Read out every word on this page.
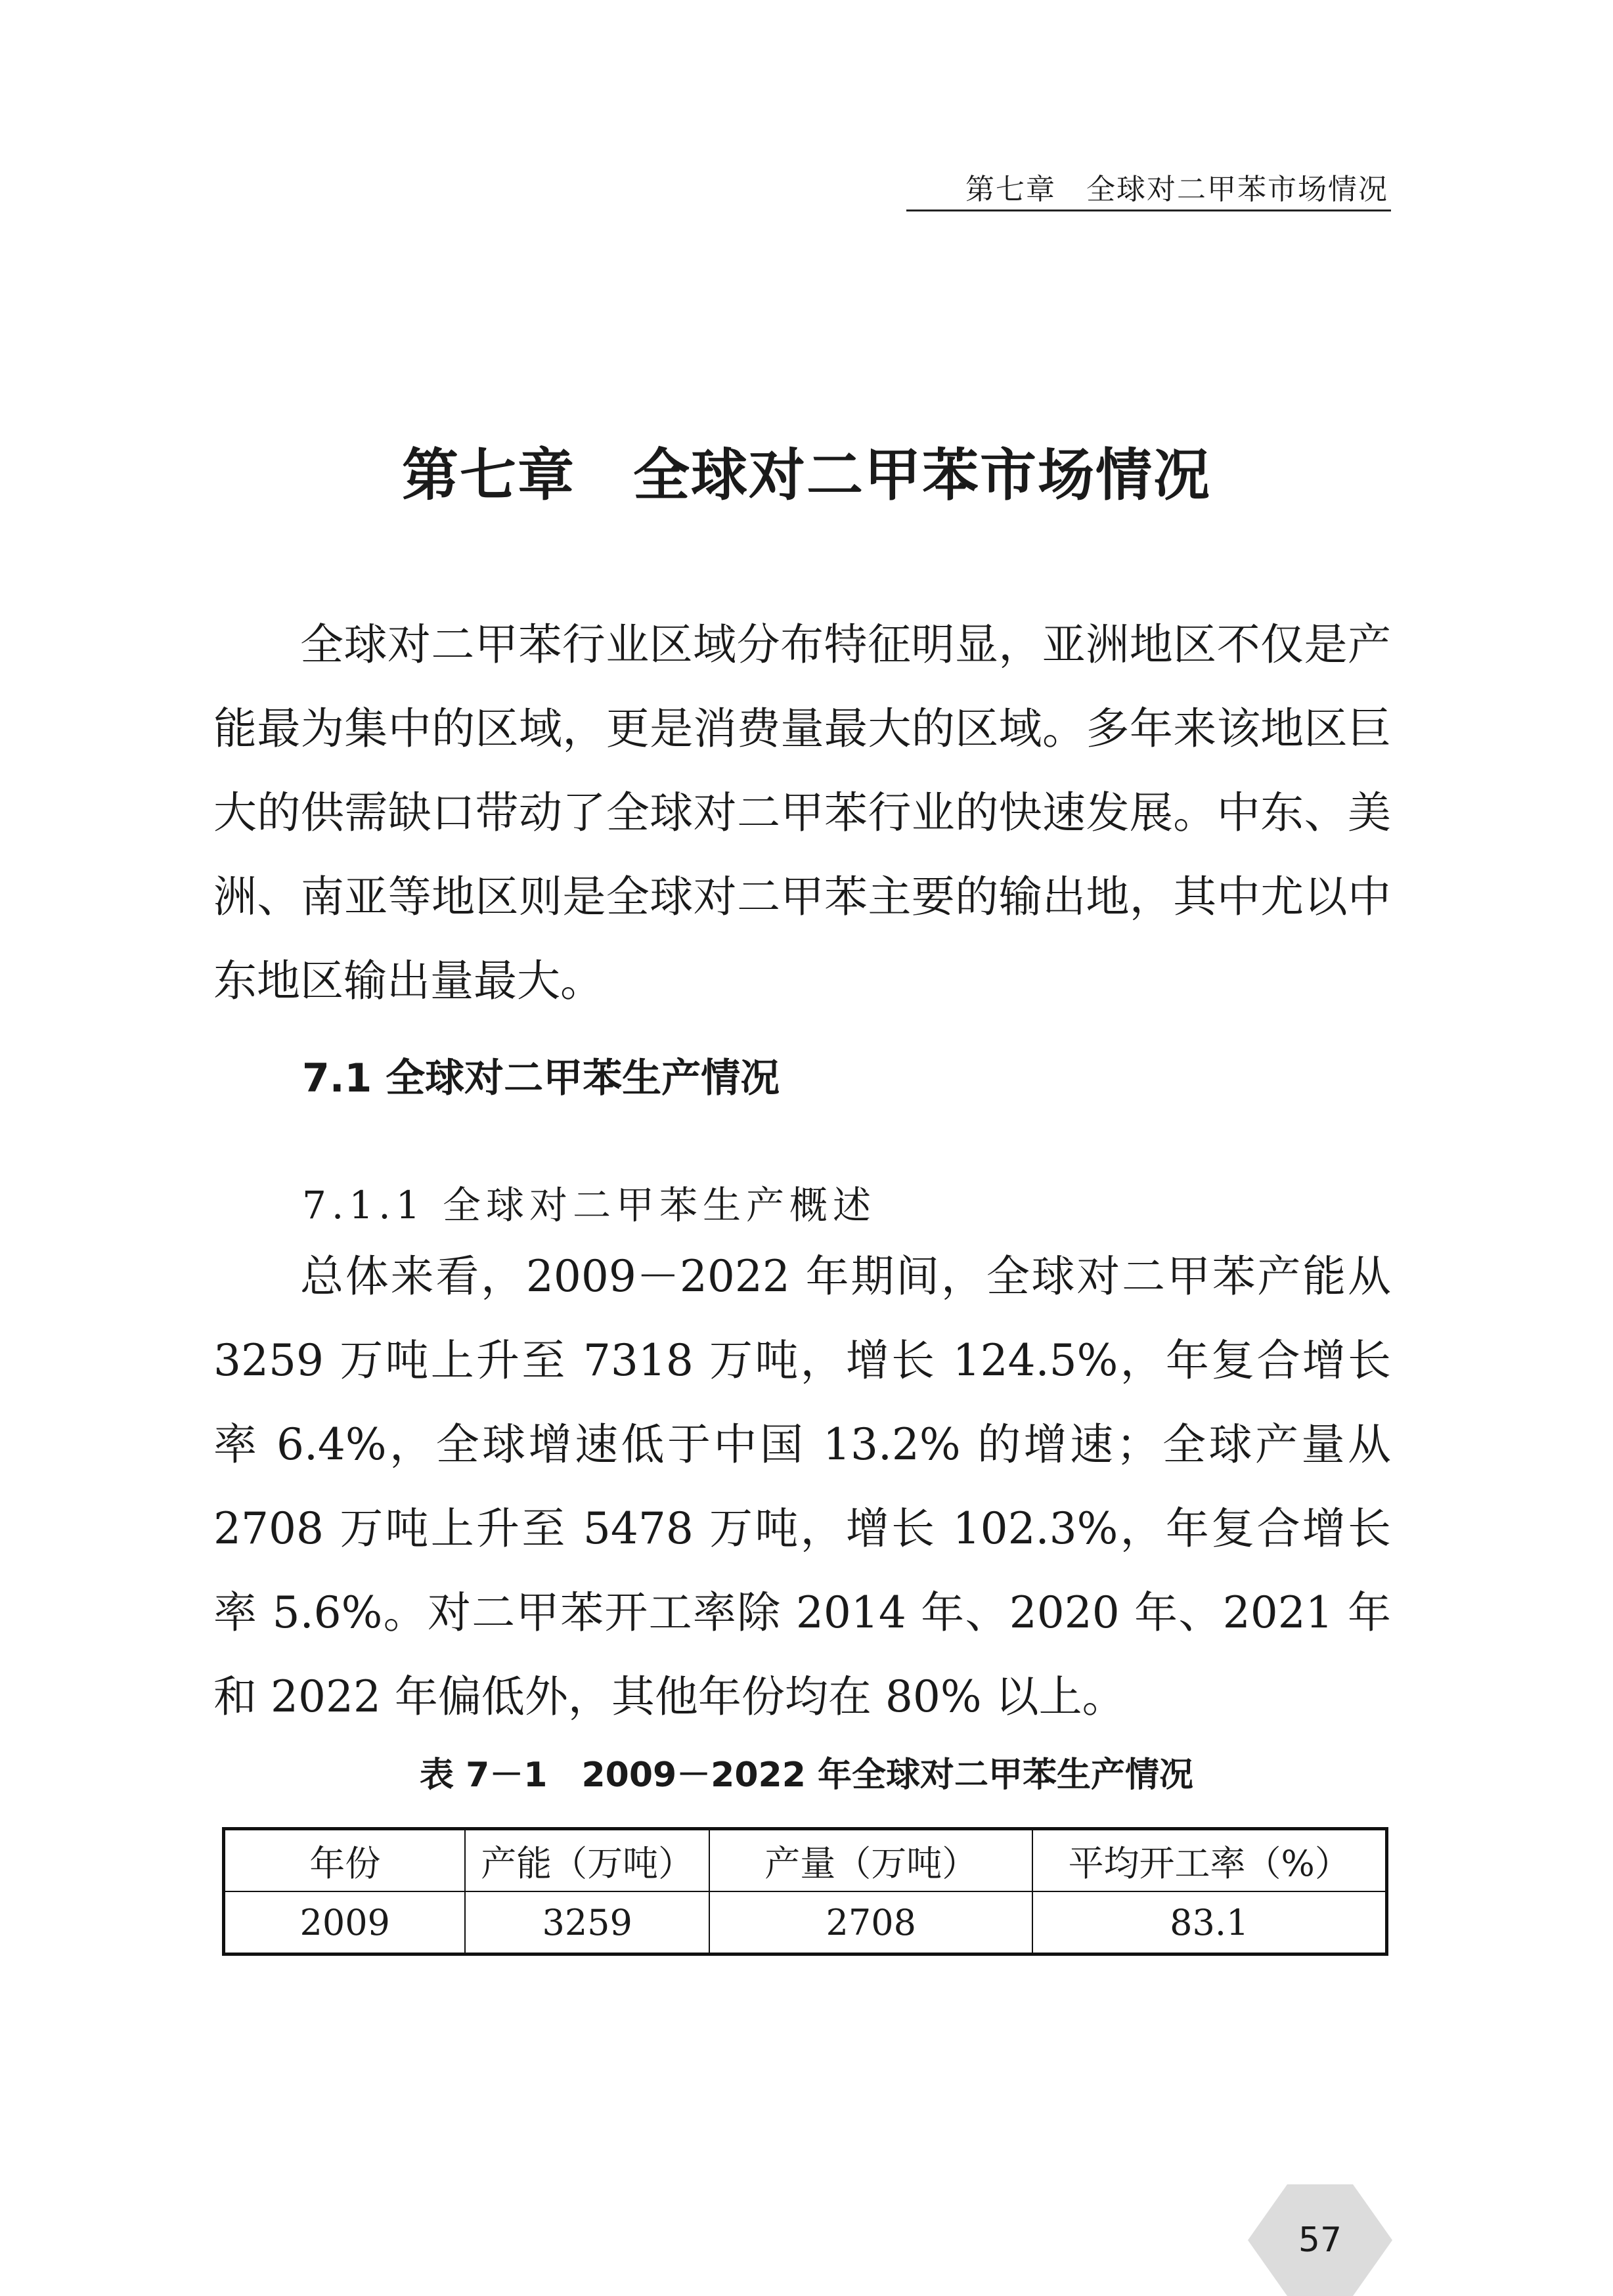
第七章　全球对二甲苯市场情况
第七章　全球对二甲苯市场情况

全球对二甲苯行业区域分布特征明显，亚洲地区不仅是产能最为集中的区域，更是消费量最大的区域。多年来该地区巨大的供需缺口带动了全球对二甲苯行业的快速发展。中东、美洲、南亚等地区则是全球对二甲苯主要的输出地，其中尤以中东地区输出量最大。

7.1 全球对二甲苯生产情况
7.1.1 全球对二甲苯生产概述

总体来看，2009－2022 年期间，全球对二甲苯产能从 3259 万吨上升至 7318 万吨，增长 124.5%，年复合增长率 6.4%，全球增速低于中国 13.2% 的增速；全球产量从 2708 万吨上升至 5478 万吨，增长 102.3%，年复合增长率 5.6%。对二甲苯开工率除 2014 年、2020 年、2021 年和 2022 年偏低外，其他年份均在 80% 以上。

表 7－1　2009－2022 年全球对二甲苯生产情况
年份	产能（万吨）	产量（万吨）	平均开工率（%）
2009	3259	2708	83.1
57
